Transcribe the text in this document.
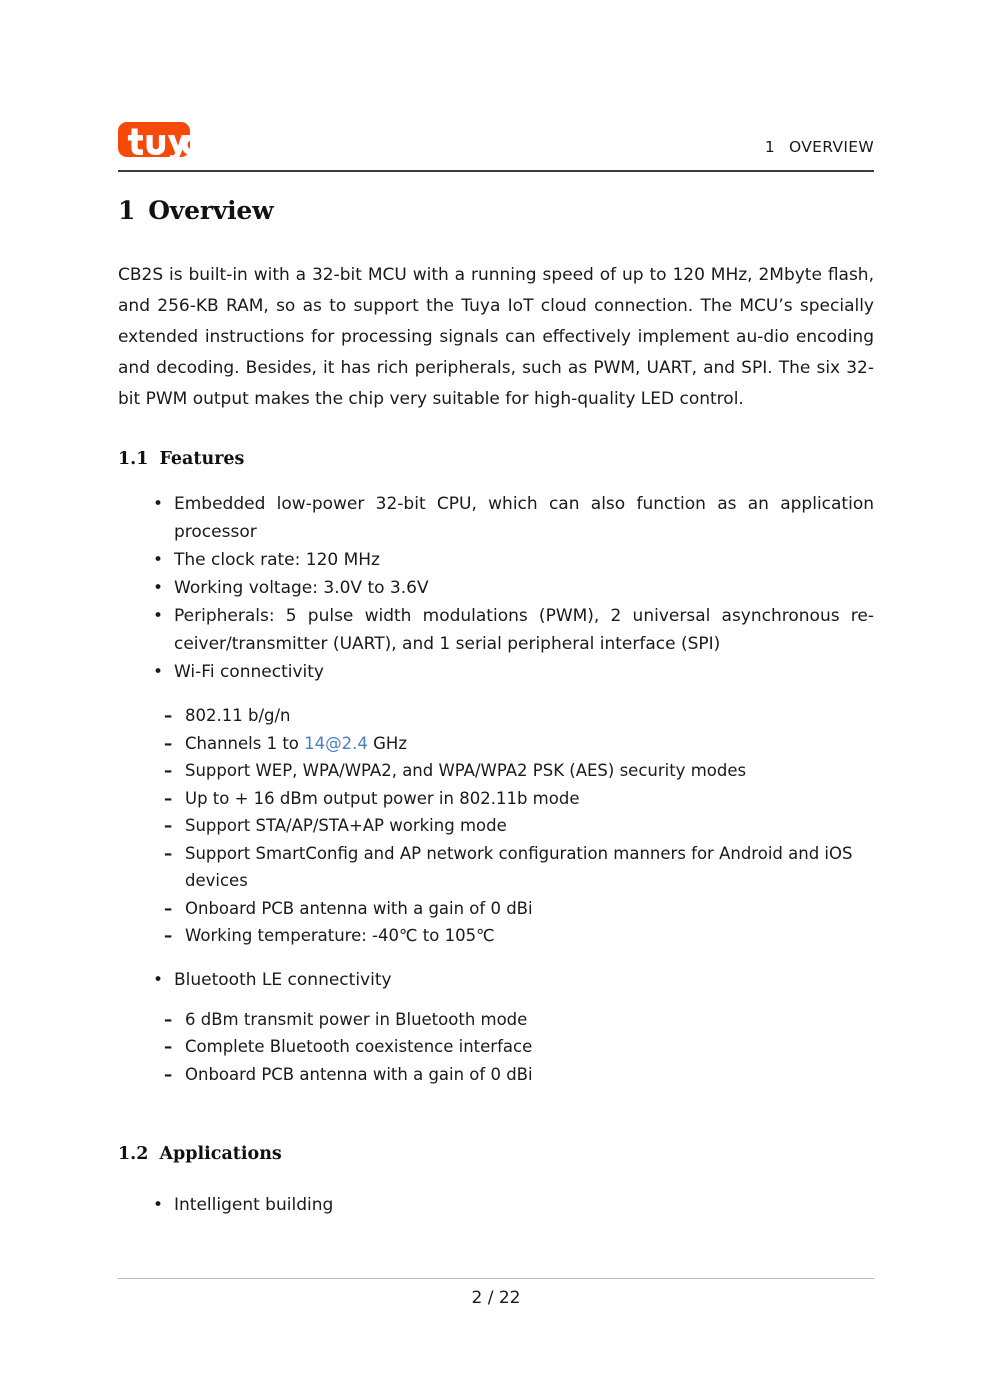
1 OVERVIEW
1 Overview

CB2S is built-in with a 32-bit MCU with a running speed of up to 120 MHz, 2Mbyte flash, and 256-KB RAM, so as to support the Tuya IoT cloud connection. The MCU’s specially extended instructions for processing signals can effectively implement au-dio encoding and decoding. Besides, it has rich peripherals, such as PWM, UART, and SPI. The six 32-bit PWM output makes the chip very suitable for high-quality LED control.

1.1 Features
• Embedded low-power 32-bit CPU, which can also function as an application processor
• The clock rate: 120 MHz
• Working voltage: 3.0V to 3.6V
• Peripherals: 5 pulse width modulations (PWM), 2 universal asynchronous re-ceiver/transmitter (UART), and 1 serial peripheral interface (SPI)
• Wi-Fi connectivity
– 802.11 b/g/n
– Channels 1 to 14@2.4 GHz
– Support WEP, WPA/WPA2, and WPA/WPA2 PSK (AES) security modes
– Up to + 16 dBm output power in 802.11b mode
– Support STA/AP/STA+AP working mode
– Support SmartConfig and AP network configuration manners for Android and iOS devices
– Onboard PCB antenna with a gain of 0 dBi
– Working temperature: -40℃ to 105℃
• Bluetooth LE connectivity
– 6 dBm transmit power in Bluetooth mode
– Complete Bluetooth coexistence interface
– Onboard PCB antenna with a gain of 0 dBi
1.2 Applications
• Intelligent building
2 / 22
